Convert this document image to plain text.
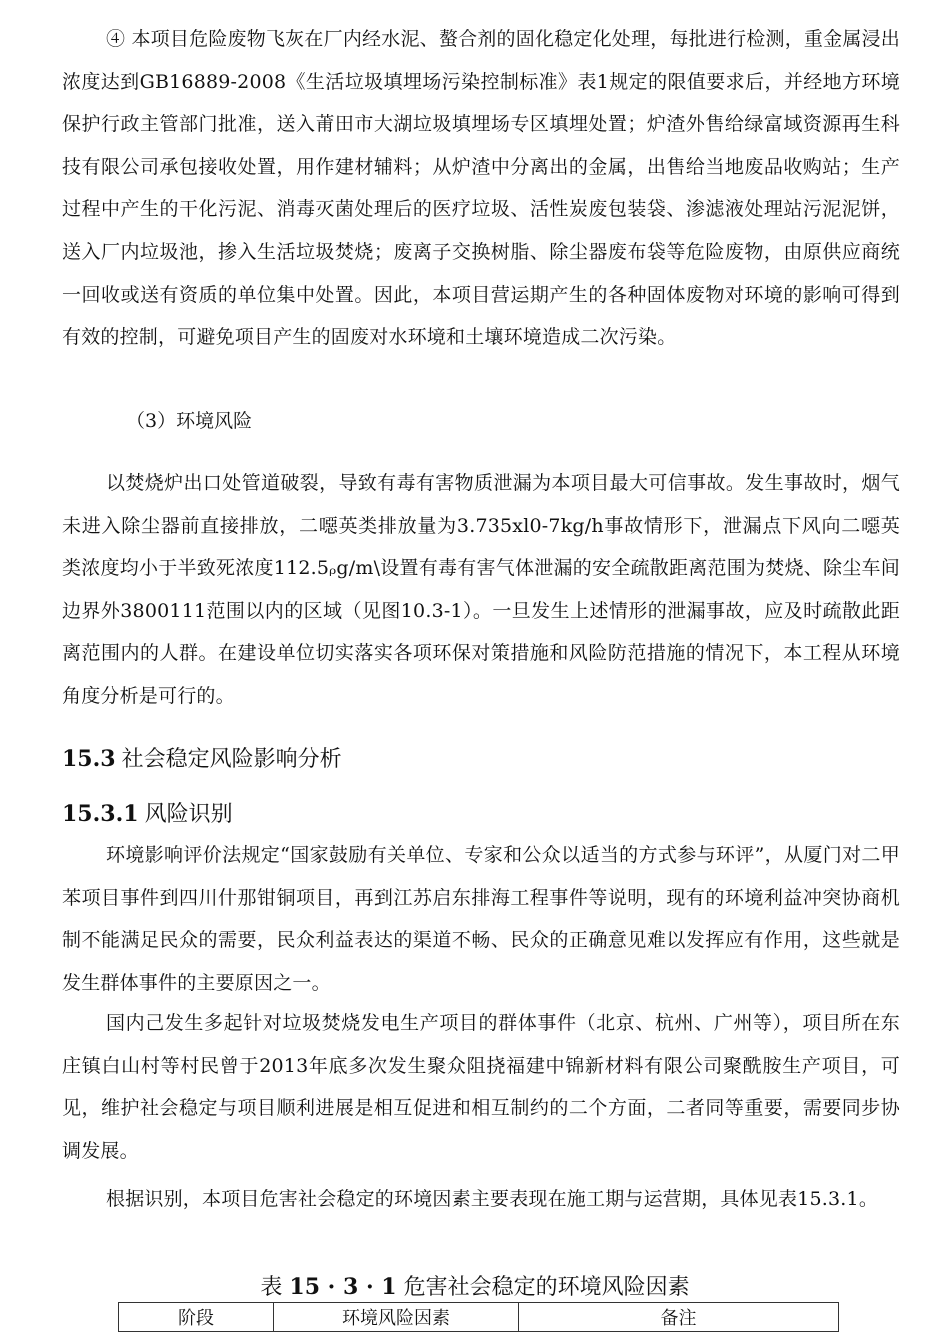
④ 本项目危险废物飞灰在厂内经水泥、螯合剂的固化稳定化处理，每批进行检测，重金属浸出浓度达到GB16889-2008《生活垃圾填埋场污染控制标准》表1规定的限值要求后，并经地方环境保护行政主管部门批准，送入莆田市大湖垃圾填埋场专区填埋处置；炉渣外售给绿富域资源再生科技有限公司承包接收处置，用作建材辅料；从炉渣中分离出的金属，出售给当地废品收购站；生产过程中产生的干化污泥、消毒灭菌处理后的医疗垃圾、活性炭废包装袋、渗滤液处理站污泥泥饼，送入厂内垃圾池，掺入生活垃圾焚烧；废离子交换树脂、除尘器废布袋等危险废物，由原供应商统一回收或送有资质的单位集中处置。因此，本项目营运期产生的各种固体废物对环境的影响可得到有效的控制，可避免项目产生的固废对水环境和土壤环境造成二次污染。

（3）环境风险

以焚烧炉出口处管道破裂，导致有毒有害物质泄漏为本项目最大可信事故。发生事故时，烟气未进入除尘器前直接排放，二噁英类排放量为3.735xl0-7kg/h事故情形下，泄漏点下风向二噁英类浓度均小于半致死浓度112.5ᵨg/m\设置有毒有害气体泄漏的安全疏散距离范围为焚烧、除尘车间边界外3800111范围以内的区域（见图10.3-1）。一旦发生上述情形的泄漏事故，应及时疏散此距离范围内的人群。在建设单位切实落实各项环保对策措施和风险防范措施的情况下，本工程从环境角度分析是可行的。

15.3 社会稳定风险影响分析
15.3.1 风险识别

环境影响评价法规定“国家鼓励有关单位、专家和公众以适当的方式参与环评”，从厦门对二甲苯项目事件到四川什那钳铜项目，再到江苏启东排海工程事件等说明，现有的环境利益冲突协商机制不能满足民众的需要，民众利益表达的渠道不畅、民众的正确意见难以发挥应有作用，这些就是发生群体事件的主要原因之一。

国内己发生多起针对垃圾焚烧发电生产项目的群体事件（北京、杭州、广州等），项目所在东庄镇白山村等村民曾于2013年底多次发生聚众阻挠福建中锦新材料有限公司聚酰胺生产项目，可见，维护社会稳定与项目顺利进展是相互促进和相互制约的二个方面，二者同等重要，需要同步协调发展。

根据识别，本项目危害社会稳定的环境因素主要表现在施工期与运营期，具体见表15.3.1。

表 15 · 3 · 1 危害社会稳定的环境风险因素

阶段	环境风险因素	备注
